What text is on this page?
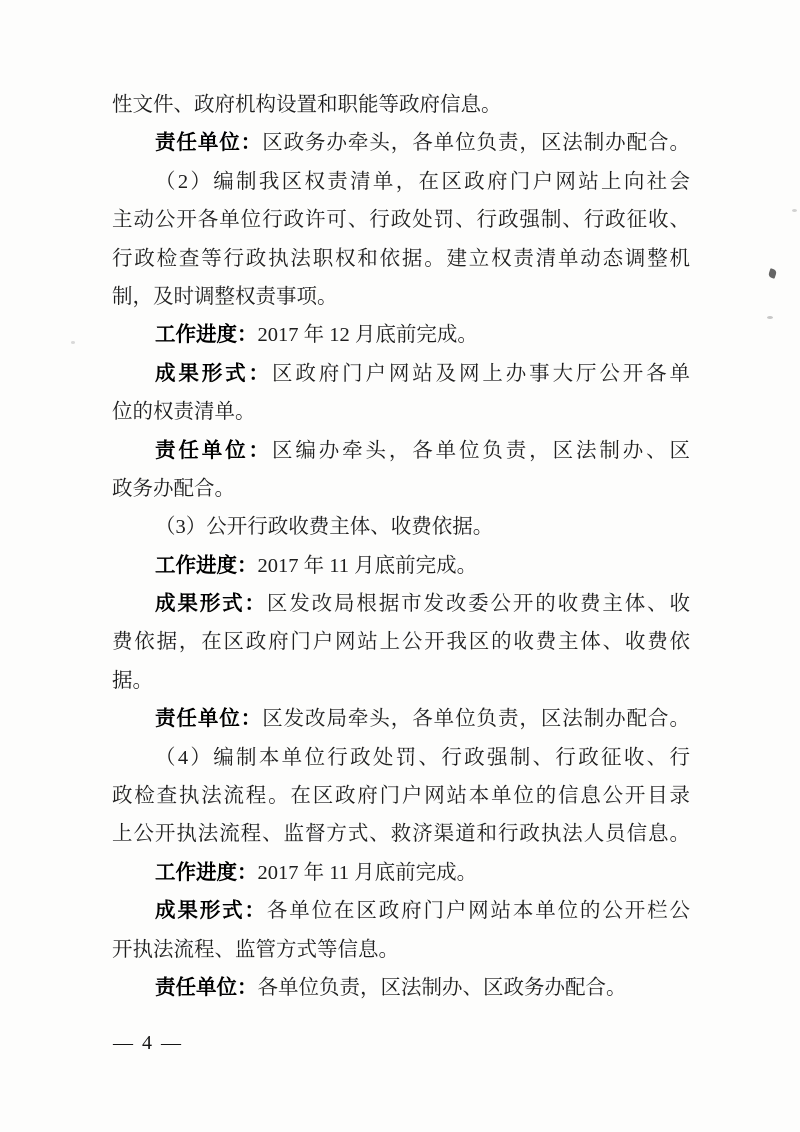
性文件、政府机构设置和职能等政府信息。
责任单位：区政务办牵头，各单位负责，区法制办配合。
（2）编制我区权责清单，在区政府门户网站上向社会
主动公开各单位行政许可、行政处罚、行政强制、行政征收、
行政检查等行政执法职权和依据。建立权责清单动态调整机
制，及时调整权责事项。
工作进度：2017 年 12 月底前完成。
成果形式：区政府门户网站及网上办事大厅公开各单
位的权责清单。
责任单位：区编办牵头，各单位负责，区法制办、区
政务办配合。
（3）公开行政收费主体、收费依据。
工作进度：2017 年 11 月底前完成。
成果形式：区发改局根据市发改委公开的收费主体、收
费依据，在区政府门户网站上公开我区的收费主体、收费依
据。
责任单位：区发改局牵头，各单位负责，区法制办配合。
（4）编制本单位行政处罚、行政强制、行政征收、行
政检查执法流程。在区政府门户网站本单位的信息公开目录
上公开执法流程、监督方式、救济渠道和行政执法人员信息。
工作进度：2017 年 11 月底前完成。
成果形式：各单位在区政府门户网站本单位的公开栏公
开执法流程、监管方式等信息。
责任单位：各单位负责，区法制办、区政务办配合。
— 4 —
